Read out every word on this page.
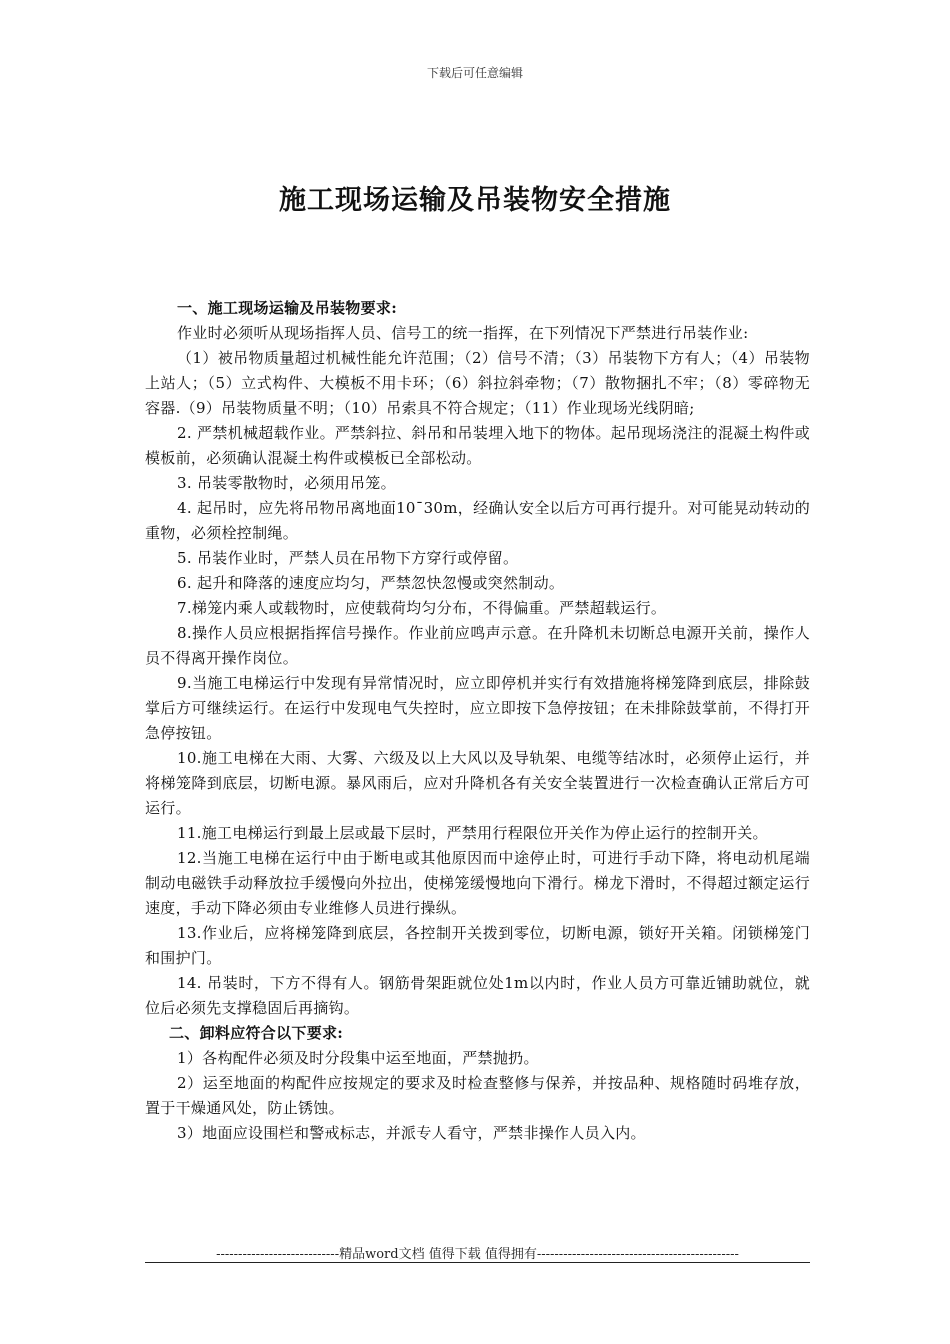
下载后可任意编辑
施工现场运输及吊装物安全措施

一、施工现场运输及吊装物要求:

作业时必须听从现场指挥人员、信号工的统一指挥，在下列情况下严禁进行吊装作业:

（1）被吊物质量超过机械性能允许范围；（2）信号不清；（3）吊装物下方有人；（4）吊装物上站人；（5）立式构件、大模板不用卡环；（6）斜拉斜牵物；（7）散物捆扎不牢；（8）零碎物无容器.（9）吊装物质量不明；（10）吊索具不符合规定；（11）作业现场光线阴暗;

2. 严禁机械超载作业。严禁斜拉、斜吊和吊装埋入地下的物体。起吊现场浇注的混凝土构件或模板前，必须确认混凝土构件或模板已全部松动。

3. 吊装零散物时，必须用吊笼。

4. 起吊时，应先将吊物吊离地面10¯30m，经确认安全以后方可再行提升。对可能晃动转动的重物，必须栓控制绳。

5. 吊装作业时，严禁人员在吊物下方穿行或停留。

6. 起升和降落的速度应均匀，严禁忽快忽慢或突然制动。

7.梯笼内乘人或载物时，应使载荷均匀分布，不得偏重。严禁超载运行。

8.操作人员应根据指挥信号操作。作业前应鸣声示意。在升降机未切断总电源开关前，操作人员不得离开操作岗位。

9.当施工电梯运行中发现有异常情况时，应立即停机并实行有效措施将梯笼降到底层，排除鼓掌后方可继续运行。在运行中发现电气失控时，应立即按下急停按钮；在未排除鼓掌前，不得打开急停按钮。

10.施工电梯在大雨、大雾、六级及以上大风以及导轨架、电缆等结冰时，必须停止运行，并将梯笼降到底层，切断电源。暴风雨后，应对升降机各有关安全装置进行一次检查确认正常后方可运行。

11.施工电梯运行到最上层或最下层时，严禁用行程限位开关作为停止运行的控制开关。

12.当施工电梯在运行中由于断电或其他原因而中途停止时，可进行手动下降，将电动机尾端制动电磁铁手动释放拉手缓慢向外拉出，使梯笼缓慢地向下滑行。梯龙下滑时，不得超过额定运行速度，手动下降必须由专业维修人员进行操纵。

13.作业后，应将梯笼降到底层，各控制开关拨到零位，切断电源，锁好开关箱。闭锁梯笼门和围护门。

14. 吊装时，下方不得有人。钢筋骨架距就位处1m以内时，作业人员方可靠近铺助就位，就位后必须先支撑稳固后再摘钩。

二、卸料应符合以下要求:

1）各构配件必须及时分段集中运至地面，严禁抛扔。

2）运至地面的构配件应按规定的要求及时检查整修与保养，并按品种、规格随时码堆存放，置于干燥通风处，防止锈蚀。

3）地面应设围栏和警戒标志，并派专人看守，严禁非操作人员入内。

----------------------------精品word文档 值得下载 值得拥有----------------------------------------------
